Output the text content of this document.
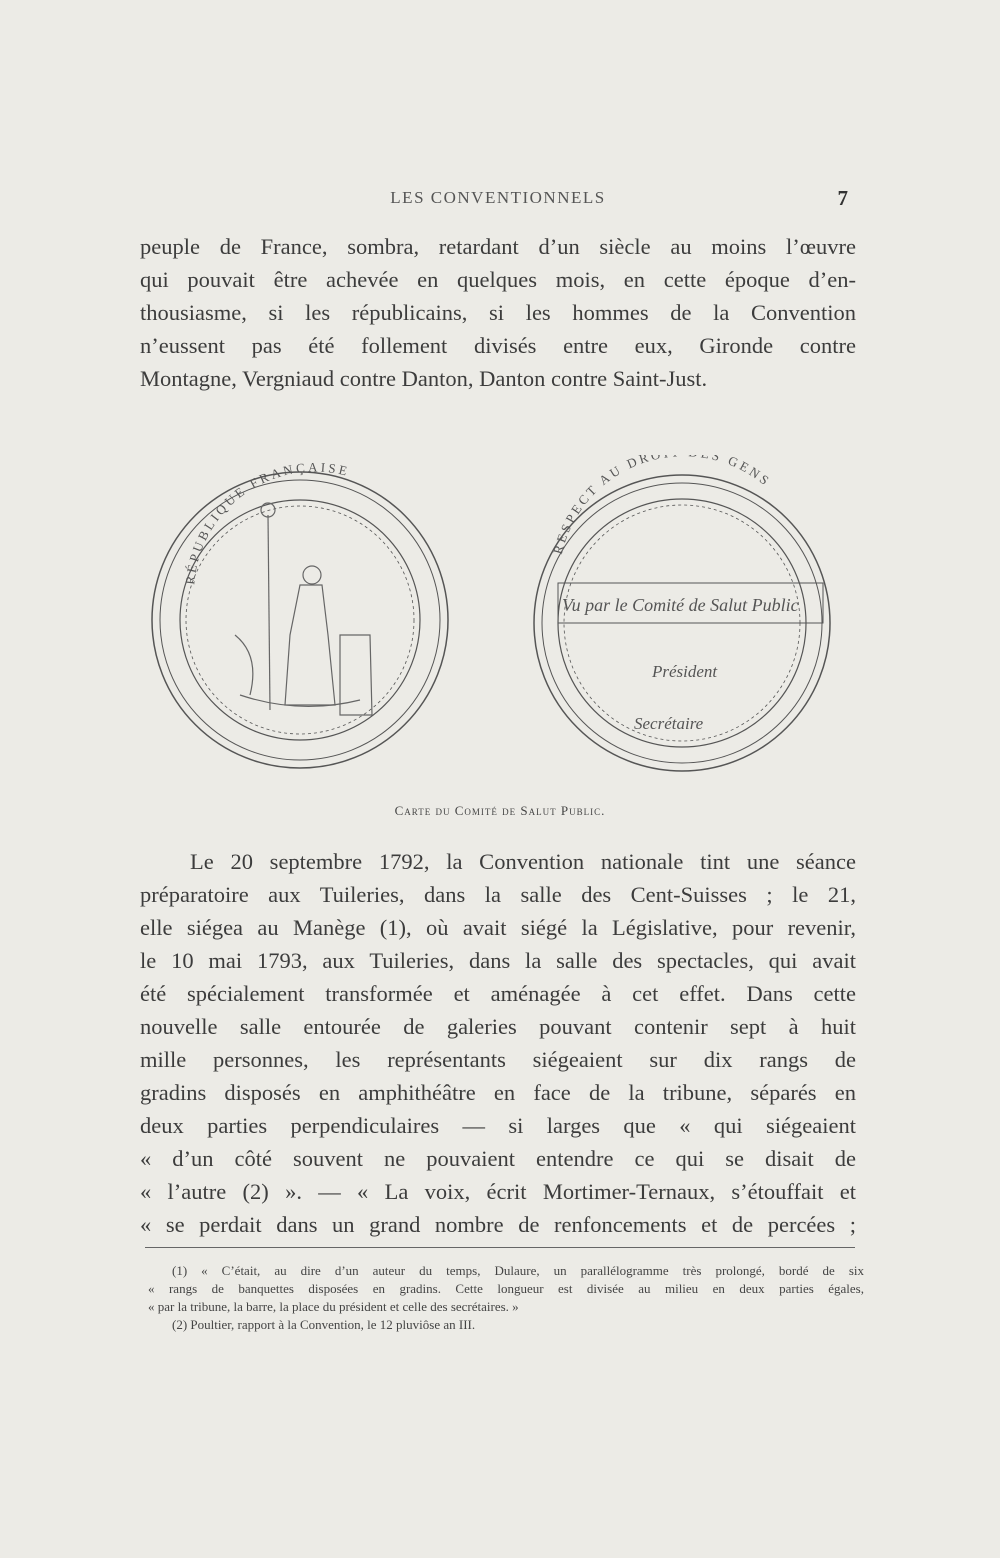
LES CONVENTIONNELS	7
peuple de France, sombra, retardant d’un siècle au moins l’œuvre
qui pouvait être achevée en quelques mois, en cette époque d’en-
thousiasme, si les républicains, si les hommes de la Convention
n’eussent pas été follement divisés entre eux, Gironde contre
Montagne, Vergniaud contre Danton, Danton contre Saint-Just.
RÉPUBLIQUE FRANÇAISE
RESPECT AU DR S GENS
Vu par le Comité de Salut Public
Président
Secrétaire
Carte du Comité de Salut Public.
Le 20 septembre 1792, la Convention nationale tint une séance
préparatoire aux Tuileries, dans la salle des Cent-Suisses ; le 21,
elle siégea au Manège (1), où avait siégé la Législative, pour revenir,
le 10 mai 1793, aux Tuileries, dans la salle des spectacles, qui avait
été spécialement transformée et aménagée à cet effet. Dans cette
nouvelle salle entourée de galeries pouvant contenir sept à huit
mille personnes, les représentants siégeaient sur dix rangs de
gradins disposés en amphithéâtre en face de la tribune, séparés en
deux parties perpendiculaires — si larges que « qui siégeaient
« d’un côté souvent ne pouvaient entendre ce qui se disait de
« l’autre (2) ». — « La voix, écrit Mortimer-Ternaux, s’étouffait et
« se perdait dans un grand nombre de renfoncements et de percées ;
(1) « C’était, au dire d’un auteur du temps, Dulaure, un parallélogramme très prolongé, bordé de six
« rangs de banquettes disposées en gradins. Cette longueur est divisée au milieu en deux parties égales,
« par la tribune, la barre, la place du président et celle des secrétaires. »
(2) Poultier, rapport à la Convention, le 12 pluviôse an III.
